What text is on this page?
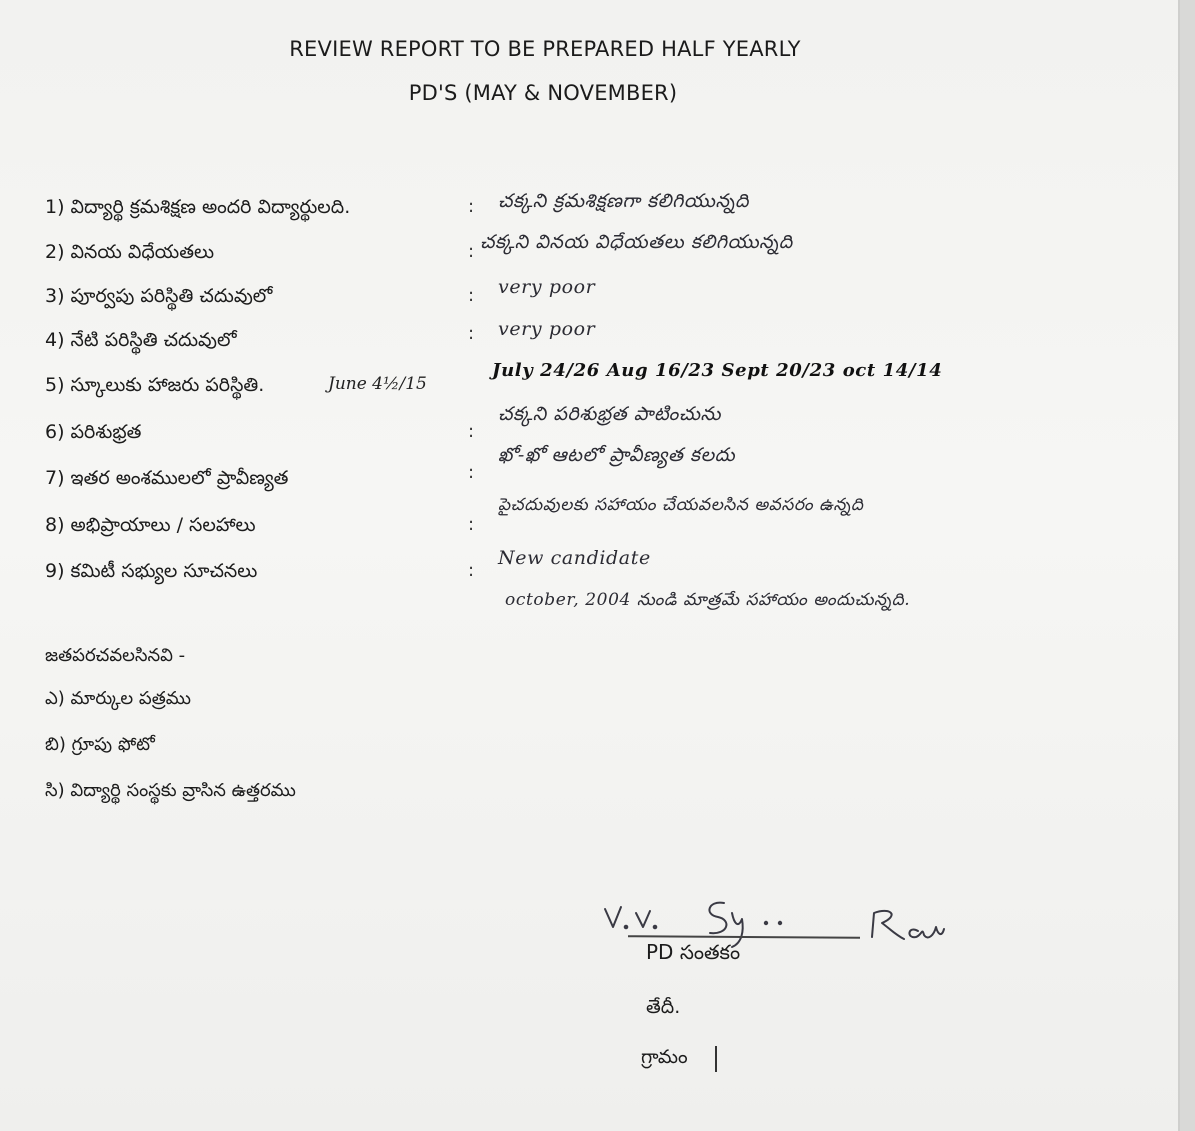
REVIEW REPORT TO BE PREPARED HALF YEARLY
PD'S (MAY & NOVEMBER)
1) విద్యార్థి క్రమశిక్షణ అందరి విద్యార్థులది.	: చక్కని క్రమశిక్షణగా కలిగియున్నది
2) వినయ విధేయతలు	: చక్కని వినయ విధేయతలు కలిగియున్నది
3) పూర్వపు పరిస్థితి చదువులో	: very poor
4) నేటి పరిస్థితి చదువులో	: very poor
5) స్కూలుకు హాజరు పరిస్థితి.	June 4½/15
July 24/26 Aug 16/23 Sept 20/23 oct 14/14
6) పరిశుభ్రత	:
చక్కని పరిశుభ్రత పాటించును
7) ఇతర అంశములలో ప్రావీణ్యత	:
ఖో-ఖో ఆటలో ప్రావీణ్యత కలదు
8) అభిప్రాయాలు / సలహాలు	:
పైచదువులకు సహాయం చేయవలసిన అవసరం ఉన్నది
9) కమిటీ సభ్యుల సూచనలు	:
New candidate
october, 2004 నుండి మాత్రమే సహాయం అందుచున్నది.
జతపరచవలసినవి -
ఎ) మార్కుల పత్రము
బి) గ్రూపు ఫోటో
సి) విద్యార్థి సంస్థకు వ్రాసిన ఉత్తరము
PD సంతకం
తేదీ.
గ్రామం
